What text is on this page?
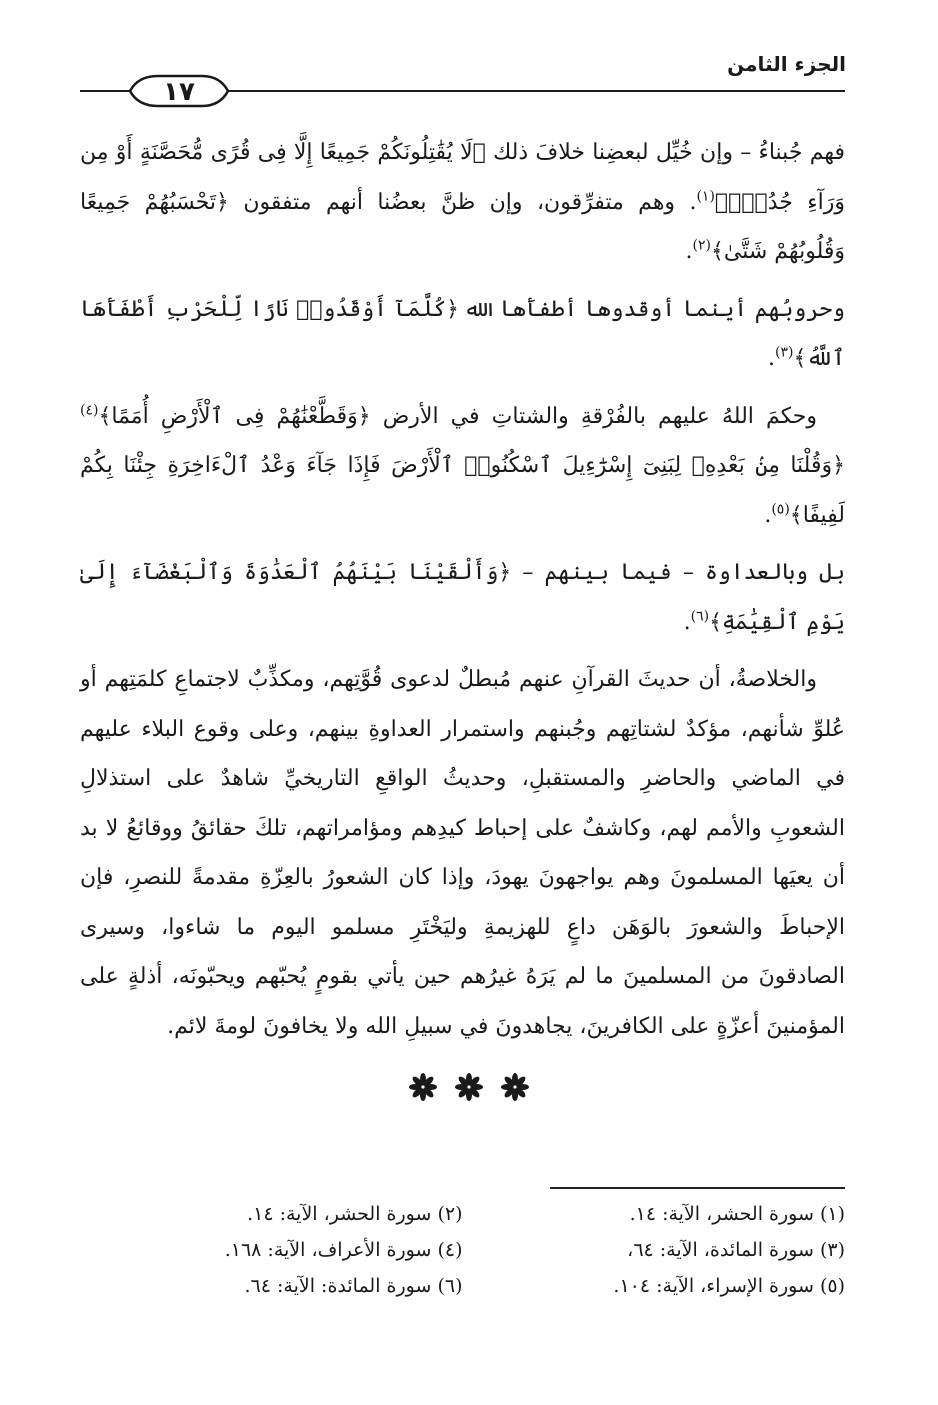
الجزء الثامن
١٧

فهم جُبناءُ – وإن خُيِّل لبعضِنا خلافَ ذلك ﴿لَا يُقَٰتِلُونَكُمْ جَمِيعًا إِلَّا فِى قُرًى مُّحَصَّنَةٍ أَوْ مِن وَرَآءِ جُدُرٍۭ﴾$^{(١)}$. وهم متفرِّقون، وإن ظنَّ بعضُنا أنهم متفقون ﴿تَحْسَبُهُمْ جَمِيعًا وَقُلُوبُهُمْ شَتَّىٰ﴾$^{(٢)}$.

وحروبُهم أينما أوقدوها أطفأَها الله ﴿كُلَّمَآ أَوْقَدُوا۟ نَارًا لِّلْحَرْبِ أَطْفَأَهَا ٱللَّهُ﴾$^{(٣)}$.

وحكمَ اللهُ عليهم بالفُرْقةِ والشتاتِ في الأرض ﴿وَقَطَّعْنَٰهُمْ فِى ٱلْأَرْضِ أُمَمًا﴾$^{(٤)}$ ﴿وَقُلْنَا مِنۢ بَعْدِهِۦ لِبَنِىٓ إِسْرَٰٓءِيلَ ٱسْكُنُوا۟ ٱلْأَرْضَ فَإِذَا جَآءَ وَعْدُ ٱلْءَاخِرَةِ جِئْنَا بِكُمْ لَفِيفًا﴾$^{(٥)}$.

بل وبالعداوة – فيما بينهم – ﴿وَأَلْقَيْنَا بَيْنَهُمُ ٱلْعَدَٰوَةَ وَٱلْبَغْضَآءَ إِلَىٰ يَوْمِ ٱلْقِيَٰمَةِ﴾$^{(٦)}$.

والخلاصةُ، أن حديثَ القرآنِ عنهم مُبطلٌ لدعوى قُوَّتِهم، ومكذِّبٌ لاجتماعِ كلمَتِهم أو عُلوِّ شأنهم، مؤكدٌ لشتاتِهم وجُبنهم واستمرار العداوةِ بينهم، وعلى وقوع البلاء عليهم في الماضي والحاضرِ والمستقبلِ، وحديثُ الواقعِ التاريخيِّ شاهدٌ على استذلالِ الشعوبِ والأمم لهم، وكاشفٌ على إحباط كيدِهم ومؤامراتهم، تلكَ حقائقُ ووقائعُ لا بد أن يعيَها المسلمونَ وهم يواجهونَ يهودَ، وإذا كان الشعورُ بالعِزّةِ مقدمةً للنصرِ، فإن الإحباطَ والشعورَ بالوَهَن داعٍ للهزيمةِ وليَخْتَرِ مسلمو اليوم ما شاءوا، وسيرى الصادقونَ من المسلمينَ ما لم يَرَهُ غيرُهم حين يأتي بقومٍ يُحبّهم ويحبّونَه، أذلةٍ على المؤمنينَ أعزّةٍ على الكافرينَ، يجاهدونَ في سبيلِ الله ولا يخافونَ لومةَ لائم.

(١) سورة الحشر، الآية: ١٤.
(٢) سورة الحشر، الآية: ١٤.
(٣) سورة المائدة، الآية: ٦٤،
(٤) سورة الأعراف، الآية: ١٦٨.
(٥) سورة الإسراء، الآية: ١٠٤.
(٦) سورة المائدة: الآية: ٦٤.
